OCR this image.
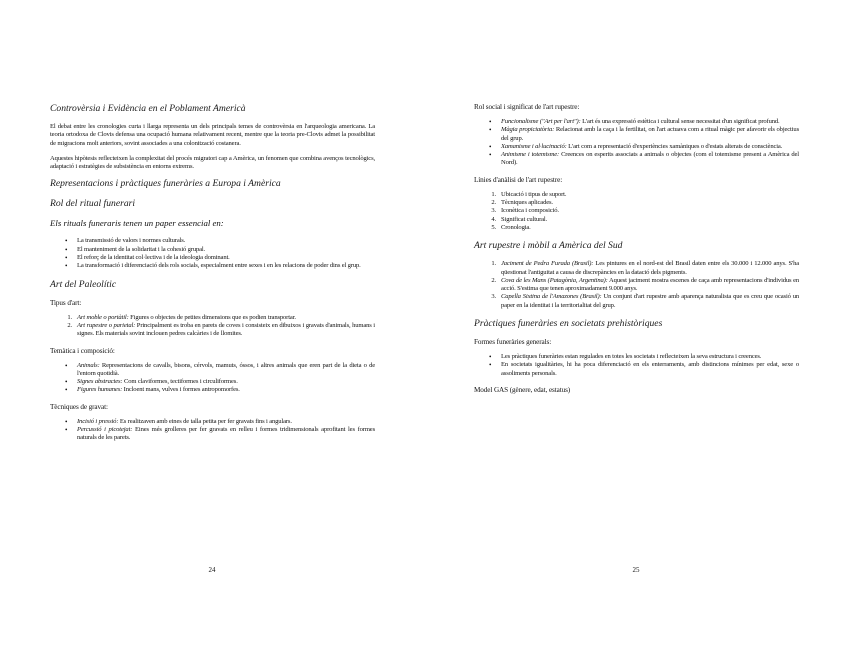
Controvèrsia i Evidència en el Poblament Americà

El debat entre les cronologies curta i llarga representa un dels principals temes de controvèrsia en l'arqueologia americana. La teoria ortodoxa de Clovis defensa una ocupació humana relativament recent, mentre que la teoria pre-Clovis admet la possibilitat de migracions molt anteriors, sovint associades a una colonització costanera.

Aquestes hipòtesis reflecteixen la complexitat del procés migratori cap a Amèrica, un fenomen que combina avenços tecnològics, adaptació i estratègies de subsistència en entorns extrems.

Representacions i pràctiques funeràries a Europa i Amèrica

Rol del ritual funerari

Els rituals funeraris tenen un paper essencial en:

• La transmissió de valors i normes culturals.
• El manteniment de la solidaritat i la cohesió grupal.
• El reforç de la identitat col·lectiva i de la ideologia dominant.
• La transformació i diferenciació dels rols socials, especialment entre sexes i en les relacions de poder dins el grup.

Art del Paleolític

Tipus d'art:

1. Art moble o portàtil: Figures o objectes de petites dimensions que es podien transportar.
2. Art rupestre o parietal: Principalment es troba en parets de coves i consisteix en dibuixos i gravats d'animals, humans i signes. Els materials sovint inclouen pedres calcàries i de llomites.

Temàtica i composició:

• Animals: Representacions de cavalls, bisons, cérvols, mamuts, óssos, i altres animals que eren part de la dieta o de l'entorn quotidià.
• Signes abstractes: Com claviformes, tectiformes i circuliformes.
• Figures humanes: Incloent mans, vulves i formes antropomorfes.

Tècniques de gravat:

• Incisió i pressió: Es realitzaven amb eines de talla petita per fer gravats fins i angulars.
• Percussió i picotejat: Eines més grolleres per fer gravats en relleu i formes tridimensionals aprofitant les formes naturals de les parets.
24

Rol social i significat de l'art rupestre:

• Funcionalisme ("Art per l'art"): L'art és una expressió estètica i cultural sense necessitat d'un significat profund.
• Màgia propiciatòria: Relacionat amb la caça i la fertilitat, on l'art actuava com a ritual màgic per afavorir els objectius del grup.
• Xamanisme i al·lucinació: L'art com a representació d'experiències xamàniques o d'estats alterats de consciència.
• Animisme i totemisme: Creences on esperits associats a animals o objectes (com el totemisme present a Amèrica del Nord).

Línies d'anàlisi de l'art rupestre:

1. Ubicació i tipus de suport.
2. Tècniques aplicades.
3. Iconètica i composició.
4. Significat cultural.
5. Cronologia.

Art rupestre i mòbil a Amèrica del Sud

1. Jaciment de Pedra Furada (Brasil): Les pintures en el nord-est del Brasil daten entre els 30.000 i 12.000 anys. S'ha qüestionat l'antiguitat a causa de discrepàncies en la datació dels pigments.
2. Cova de les Mans (Patagònia, Argentina): Aquest jaciment mostra escenes de caça amb representacions d'individus en acció. S'estima que tenen aproximadament 9.000 anys.
3. Capella Sixtina de l'Amazones (Brasil): Un conjunt d'art rupestre amb aparença naturalista que es creu que ocasió un paper en la identitat i la territorialitat del grup.

Pràctiques funeràries en societats prehistòriques

Formes funeràries generals:

• Les pràctiques funeràries estan regulades en totes les societats i reflecteixen la seva estructura i creences.
• En societats igualitàries, hi ha poca diferenciació en els enterraments, amb distincions mínimes per edat, sexe o assoliments personals.

Model GAS (gènere, edat, estatus)

25
